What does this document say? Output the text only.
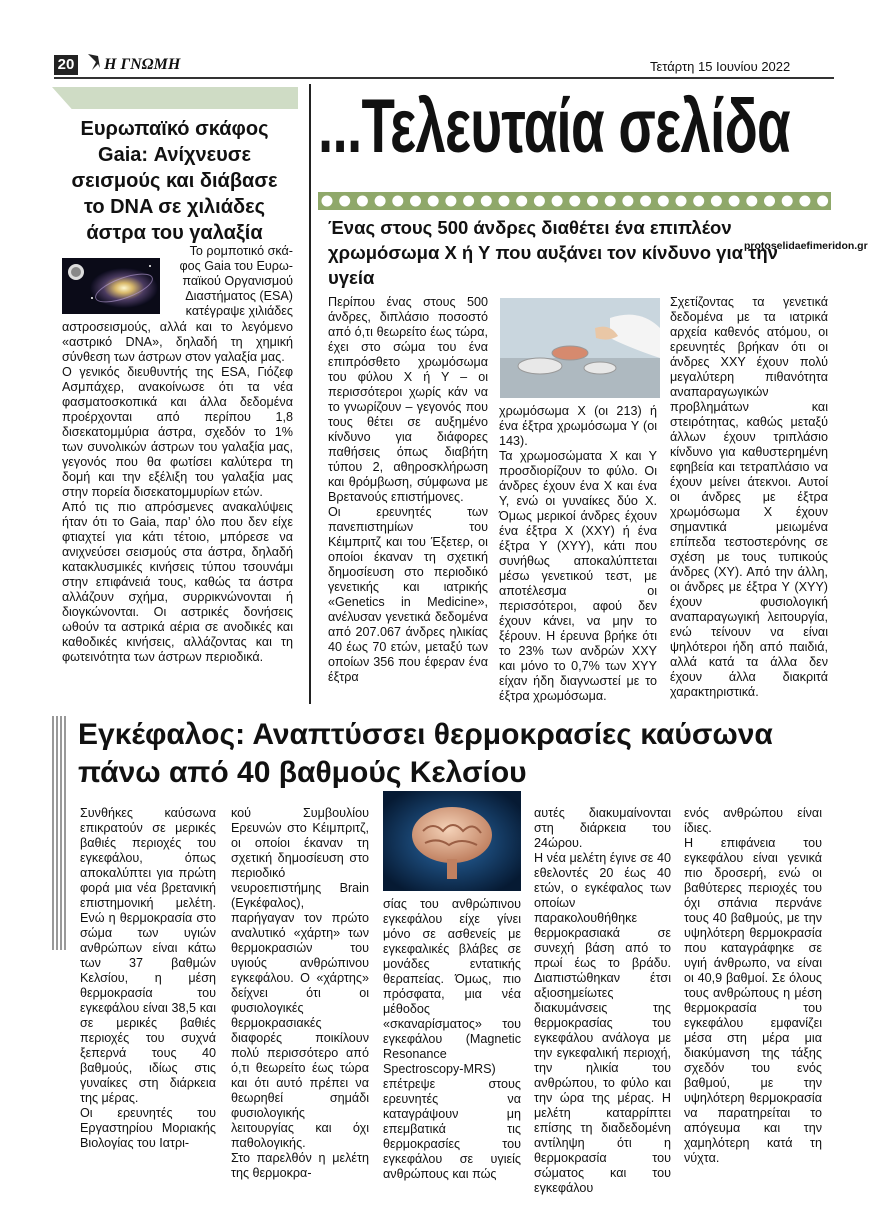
20 Η ΓΝΩΜΗ	Τετάρτη 15 Ιουνίου 2022
Ευρωπαϊκό σκάφος Gaia: Ανίχνευσε σεισμούς και διάβασε το DNA σε χιλιάδες άστρα του γαλαξία
Το ρομποτικό σκά-
φος Gaia του Ευρω-
παϊκού Οργανισμού
Διαστήματος (ESA)
κατέγραψε χιλιάδες

αστροσεισμούς, αλλά και το λεγόμενο «αστρικό DNA», δηλαδή τη χημική σύνθεση των άστρων στον γαλαξία μας.

Ο γενικός διευθυντής της ESA, Γιόζεφ Ασμπάχερ, ανακοίνωσε ότι τα νέα φασματοσκοπικά και άλλα δεδομένα προέρχονται από περίπου 1,8 δισεκατομμύρια άστρα, σχεδόν το 1% των συνολικών άστρων του γαλαξία μας, γεγονός που θα φωτίσει καλύτερα τη δομή και την εξέλιξη του γαλαξία μας στην πορεία δισεκατομμυρίων ετών.

Από τις πιο απρόσμενες ανακαλύψεις ήταν ότι το Gaia, παρ’ όλο που δεν είχε φτιαχτεί για κάτι τέτοιο, μπόρεσε να ανιχνεύσει σεισμούς στα άστρα, δηλαδή κατακλυσμικές κινήσεις τύπου τσουνάμι στην επιφάνειά τους, καθώς τα άστρα αλλάζουν σχήμα, συρρικνώνονται ή διογκώνονται. Οι αστρικές δονήσεις ωθούν τα αστρικά αέρια σε ανοδικές και καθοδικές κινήσεις, αλλάζοντας και τη φωτεινότητα των άστρων περιοδικά.

...Τελευταία σελίδα
Ένας στους 500 άνδρες διαθέτει ένα επιπλέον χρωμόσωμα Χ ή Υ που αυξάνει τον κίνδυνο για την υγεία
protoselidaefimeridon.gr

Περίπου ένας στους 500 άνδρες, διπλάσιο ποσοστό από ό,τι θεωρείτο έως τώρα, έχει στο σώμα του ένα επιπρόσθετο χρωμόσωμα του φύλου Χ ή Υ – οι περισσότεροι χωρίς κάν να το γνωρίζουν – γεγονός που τους θέτει σε αυξημένο κίνδυνο για διάφορες παθήσεις όπως διαβήτη τύπου 2, αθηροσκλήρωση και θρόμβωση, σύμφωνα με Βρετανούς επιστήμονες.

Οι ερευνητές των πανεπιστημίων του Κέιμπριτζ και του Έξετερ, οι οποίοι έκαναν τη σχετική δημοσίευση στο περιοδικό γενετικής και ιατρικής «Genetics in Medicine», ανέλυσαν γενετικά δεδομένα από 207.067 άνδρες ηλικίας 40 έως 70 ετών, μεταξύ των οποίων 356 που έφεραν ένα έξτρα

χρωμόσωμα Χ (οι 213) ή ένα έξτρα χρωμόσωμα Υ (οι 143).

Τα χρωμοσώματα Χ και Υ προσδιορίζουν το φύλο. Οι άνδρες έχουν ένα Χ και ένα Υ, ενώ οι γυναίκες δύο Χ. Όμως μερικοί άνδρες έχουν ένα έξτρα Χ (ΧΧΥ) ή ένα έξτρα Υ (ΧΥΥ), κάτι που συνήθως αποκαλύπτεται μέσω γενετικού τεστ, με αποτέλεσμα οι περισσότεροι, αφού δεν έχουν κάνει, να μην το ξέρουν. Η έρευνα βρήκε ότι το 23% των ανδρών ΧΧΥ και μόνο το 0,7% των ΧΥΥ είχαν ήδη διαγνωστεί με το έξτρα χρωμόσωμα.

Σχετίζοντας τα γενετικά δεδομένα με τα ιατρικά αρχεία καθενός ατόμου, οι ερευνητές βρήκαν ότι οι άνδρες ΧΧΥ έχουν πολύ μεγαλύτερη πιθανότητα αναπαραγωγικών προβλημάτων και στειρότητας, καθώς μεταξύ άλλων έχουν τριπλάσιο κίνδυνο για καθυστερημένη εφηβεία και τετραπλάσιο να έχουν μείνει άτεκνοι. Αυτοί οι άνδρες με έξτρα χρωμόσωμα Χ έχουν σημαντικά μειωμένα επίπεδα τεστοστερόνης σε σχέση με τους τυπικούς άνδρες (ΧΥ). Από την άλλη, οι άνδρες με έξτρα Υ (ΧΥΥ) έχουν φυσιολογική αναπαραγωγική λειτουργία, ενώ τείνουν να είναι ψηλότεροι ήδη από παιδιά, αλλά κατά τα άλλα δεν έχουν άλλα διακριτά χαρακτηριστικά.

Εγκέφαλος: Αναπτύσσει θερμοκρασίες καύσωνα πάνω από 40 βαθμούς Κελσίου

Συνθήκες καύσωνα επικρατούν σε μερικές βαθιές περιοχές του εγκεφάλου, όπως αποκαλύπτει για πρώτη φορά μια νέα βρετανική επιστημονική μελέτη. Ενώ η θερμοκρασία στο σώμα των υγιών ανθρώπων είναι κάτω των 37 βαθμών Κελσίου, η μέση θερμοκρασία του εγκεφάλου είναι 38,5 και σε μερικές βαθιές περιοχές του συχνά ξεπερνά τους 40 βαθμούς, ιδίως στις γυναίκες στη διάρκεια της μέρας.

Οι ερευνητές του Εργαστηρίου Μοριακής Βιολογίας του Ιατρι-

κού Συμβουλίου Ερευνών στο Κέιμπριτζ, οι οποίοι έκαναν τη σχετική δημοσίευση στο περιοδικό νευροεπιστήμης Brain (Εγκέφαλος), παρήγαγαν τον πρώτο αναλυτικό «χάρτη» των θερμοκρασιών του υγιούς ανθρώπινου εγκεφάλου. Ο «χάρτης» δείχνει ότι οι φυσιολογικές θερμοκρασιακές διαφορές ποικίλουν πολύ περισσότερο από ό,τι θεωρείτο έως τώρα και ότι αυτό πρέπει να θεωρηθεί σημάδι φυσιολογικής λειτουργίας και όχι παθολογικής.

Στο παρελθόν η μελέτη της θερμοκρα-

σίας του ανθρώπινου εγκεφάλου είχε γίνει μόνο σε ασθενείς με εγκεφαλικές βλάβες σε μονάδες εντατικής θεραπείας. Όμως, πιο πρόσφατα, μια νέα μέθοδος «σκαναρίσματος» του εγκεφάλου (Magnetic Resonance Spectroscopy-MRS) επέτρεψε στους ερευνητές να καταγράψουν μη επεμβατικά τις θερμοκρασίες του εγκεφάλου σε υγιείς ανθρώπους και πώς

αυτές διακυμαίνονται στη διάρκεια του 24ώρου.

Η νέα μελέτη έγινε σε 40 εθελοντές 20 έως 40 ετών, ο εγκέφαλος των οποίων παρακολουθήθηκε θερμοκρασιακά σε συνεχή βάση από το πρωί έως το βράδυ. Διαπιστώθηκαν έτσι αξιοσημείωτες διακυμάνσεις της θερμοκρασίας του εγκεφάλου ανάλογα με την εγκεφαλική περιοχή, την ηλικία του ανθρώπου, το φύλο και την ώρα της μέρας. Η μελέτη καταρρίπτει επίσης τη διαδεδομένη αντίληψη ότι η θερμοκρασία του σώματος και του εγκεφάλου

ενός ανθρώπου είναι ίδιες.

Η επιφάνεια του εγκεφάλου είναι γενικά πιο δροσερή, ενώ οι βαθύτερες περιοχές του όχι σπάνια περνάνε τους 40 βαθμούς, με την υψηλότερη θερμοκρασία που καταγράφηκε σε υγιή άνθρωπο, να είναι οι 40,9 βαθμοί. Σε όλους τους ανθρώπους η μέση θερμοκρασία του εγκεφάλου εμφανίζει μέσα στη μέρα μια διακύμανση της τάξης σχεδόν του ενός βαθμού, με την υψηλότερη θερμοκρασία να παρατηρείται το απόγευμα και την χαμηλότερη κατά τη νύχτα.
